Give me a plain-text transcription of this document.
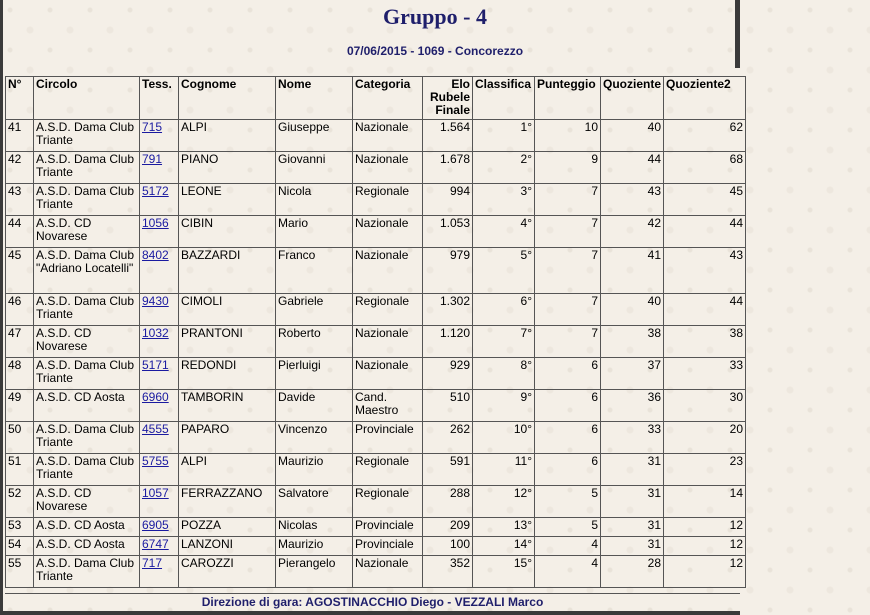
Gruppo - 4
07/06/2015 - 1069 - Concorezzo
N°	Circolo	Tess.	Cognome	Nome	Categoria	Elo Rubele Finale	Classifica	Punteggio	Quoziente	Quoziente2
41	A.S.D. Dama Club Triante	715	ALPI	Giuseppe	Nazionale	1.564	1°	10	40	62
42	A.S.D. Dama Club Triante	791	PIANO	Giovanni	Nazionale	1.678	2°	9	44	68
43	A.S.D. Dama Club Triante	5172	LEONE	Nicola	Regionale	994	3°	7	43	45
44	A.S.D. CD Novarese	1056	CIBIN	Mario	Nazionale	1.053	4°	7	42	44
45	A.S.D. Dama Club "Adriano Locatelli"	8402	BAZZARDI	Franco	Nazionale	979	5°	7	41	43
46	A.S.D. Dama Club Triante	9430	CIMOLI	Gabriele	Regionale	1.302	6°	7	40	44
47	A.S.D. CD Novarese	1032	PRANTONI	Roberto	Nazionale	1.120	7°	7	38	38
48	A.S.D. Dama Club Triante	5171	REDONDI	Pierluigi	Nazionale	929	8°	6	37	33
49	A.S.D. CD Aosta	6960	TAMBORIN	Davide	Cand. Maestro	510	9°	6	36	30
50	A.S.D. Dama Club Triante	4555	PAPARO	Vincenzo	Provinciale	262	10°	6	33	20
51	A.S.D. Dama Club Triante	5755	ALPI	Maurizio	Regionale	591	11°	6	31	23
52	A.S.D. CD Novarese	1057	FERRAZZANO	Salvatore	Regionale	288	12°	5	31	14
53	A.S.D. CD Aosta	6905	POZZA	Nicolas	Provinciale	209	13°	5	31	12
54	A.S.D. CD Aosta	6747	LANZONI	Maurizio	Provinciale	100	14°	4	31	12
55	A.S.D. Dama Club Triante	717	CAROZZI	Pierangelo	Nazionale	352	15°	4	28	12
Direzione di gara: AGOSTINACCHIO Diego - VEZZALI Marco
